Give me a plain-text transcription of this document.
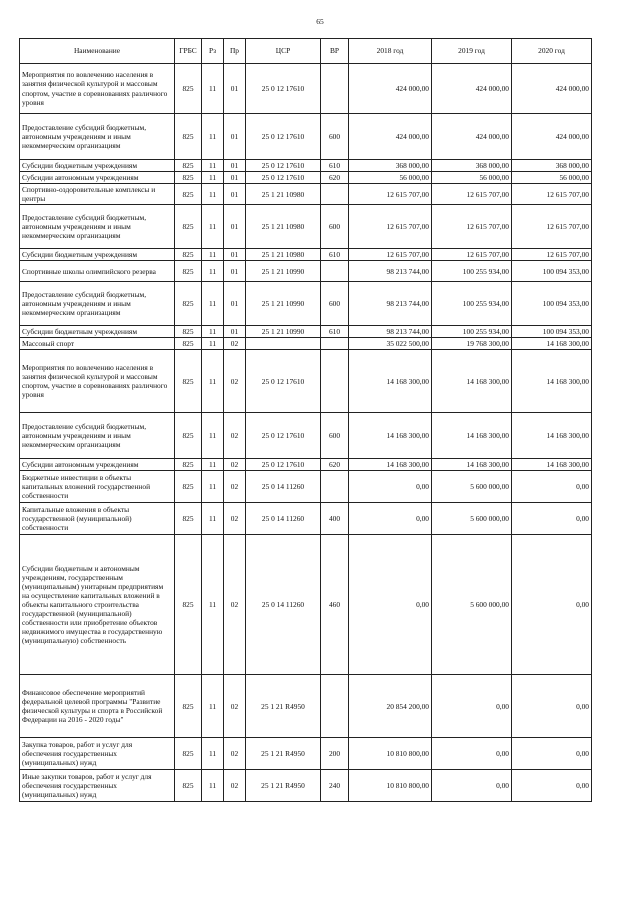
65
Наименование	ГРБС	Рз	Пр	ЦСР	ВР	2018 год	2019 год	2020 год
Мероприятия по вовлечению населения в занятия физической культурой и массовым спортом, участие в соревнованиях различного уровня	825	11	01	25 0 12 17610		424 000,00	424 000,00	424 000,00
Предоставление субсидий бюджетным, автономным учреждениям и иным некоммерческим организациям	825	11	01	25 0 12 17610	600	424 000,00	424 000,00	424 000,00
Субсидии бюджетным учреждениям	825	11	01	25 0 12 17610	610	368 000,00	368 000,00	368 000,00
Субсидии автономным учреждениям	825	11	01	25 0 12 17610	620	56 000,00	56 000,00	56 000,00
Спортивно-оздоровительные комплексы и центры	825	11	01	25 1 21 10980		12 615 707,00	12 615 707,00	12 615 707,00
Предоставление субсидий бюджетным, автономным учреждениям и иным некоммерческим организациям	825	11	01	25 1 21 10980	600	12 615 707,00	12 615 707,00	12 615 707,00
Субсидии бюджетным учреждениям	825	11	01	25 1 21 10980	610	12 615 707,00	12 615 707,00	12 615 707,00
Спортивные школы олимпийского резерва	825	11	01	25 1 21 10990		98 213 744,00	100 255 934,00	100 094 353,00
Предоставление субсидий бюджетным, автономным учреждениям и иным некоммерческим организациям	825	11	01	25 1 21 10990	600	98 213 744,00	100 255 934,00	100 094 353,00
Субсидии бюджетным учреждениям	825	11	01	25 1 21 10990	610	98 213 744,00	100 255 934,00	100 094 353,00
Массовый спорт	825	11	02			35 022 500,00	19 768 300,00	14 168 300,00
Мероприятия по вовлечению населения в занятия физической культурой и массовым спортом, участие в соревнованиях различного уровня	825	11	02	25 0 12 17610		14 168 300,00	14 168 300,00	14 168 300,00
Предоставление субсидий бюджетным, автономным учреждениям и иным некоммерческим организациям	825	11	02	25 0 12 17610	600	14 168 300,00	14 168 300,00	14 168 300,00
Субсидии автономным учреждениям	825	11	02	25 0 12 17610	620	14 168 300,00	14 168 300,00	14 168 300,00
Бюджетные инвестиции в объекты капитальных вложений государственной собственности	825	11	02	25 0 14 11260		0,00	5 600 000,00	0,00
Капитальные вложения в объекты государственной (муниципальной) собственности	825	11	02	25 0 14 11260	400	0,00	5 600 000,00	0,00
Субсидии бюджетным и автономным учреждениям, государственным (муниципальным) унитарным предприятиям на осуществление капитальных вложений в объекты капитального строительства государственной (муниципальной) собственности или приобретение объектов недвижимого имущества в государственную (муниципальную) собственность	825	11	02	25 0 14 11260	460	0,00	5 600 000,00	0,00
Финансовое обеспечение мероприятий федеральной целевой программы "Развитие физической культуры и спорта в Российской Федерации на 2016 - 2020 годы"	825	11	02	25 1 21 R4950		20 854 200,00	0,00	0,00
Закупка товаров, работ и услуг для обеспечения государственных (муниципальных) нужд	825	11	02	25 1 21 R4950	200	10 810 800,00	0,00	0,00
Иные закупки товаров, работ и услуг для обеспечения государственных (муниципальных) нужд	825	11	02	25 1 21 R4950	240	10 810 800,00	0,00	0,00
